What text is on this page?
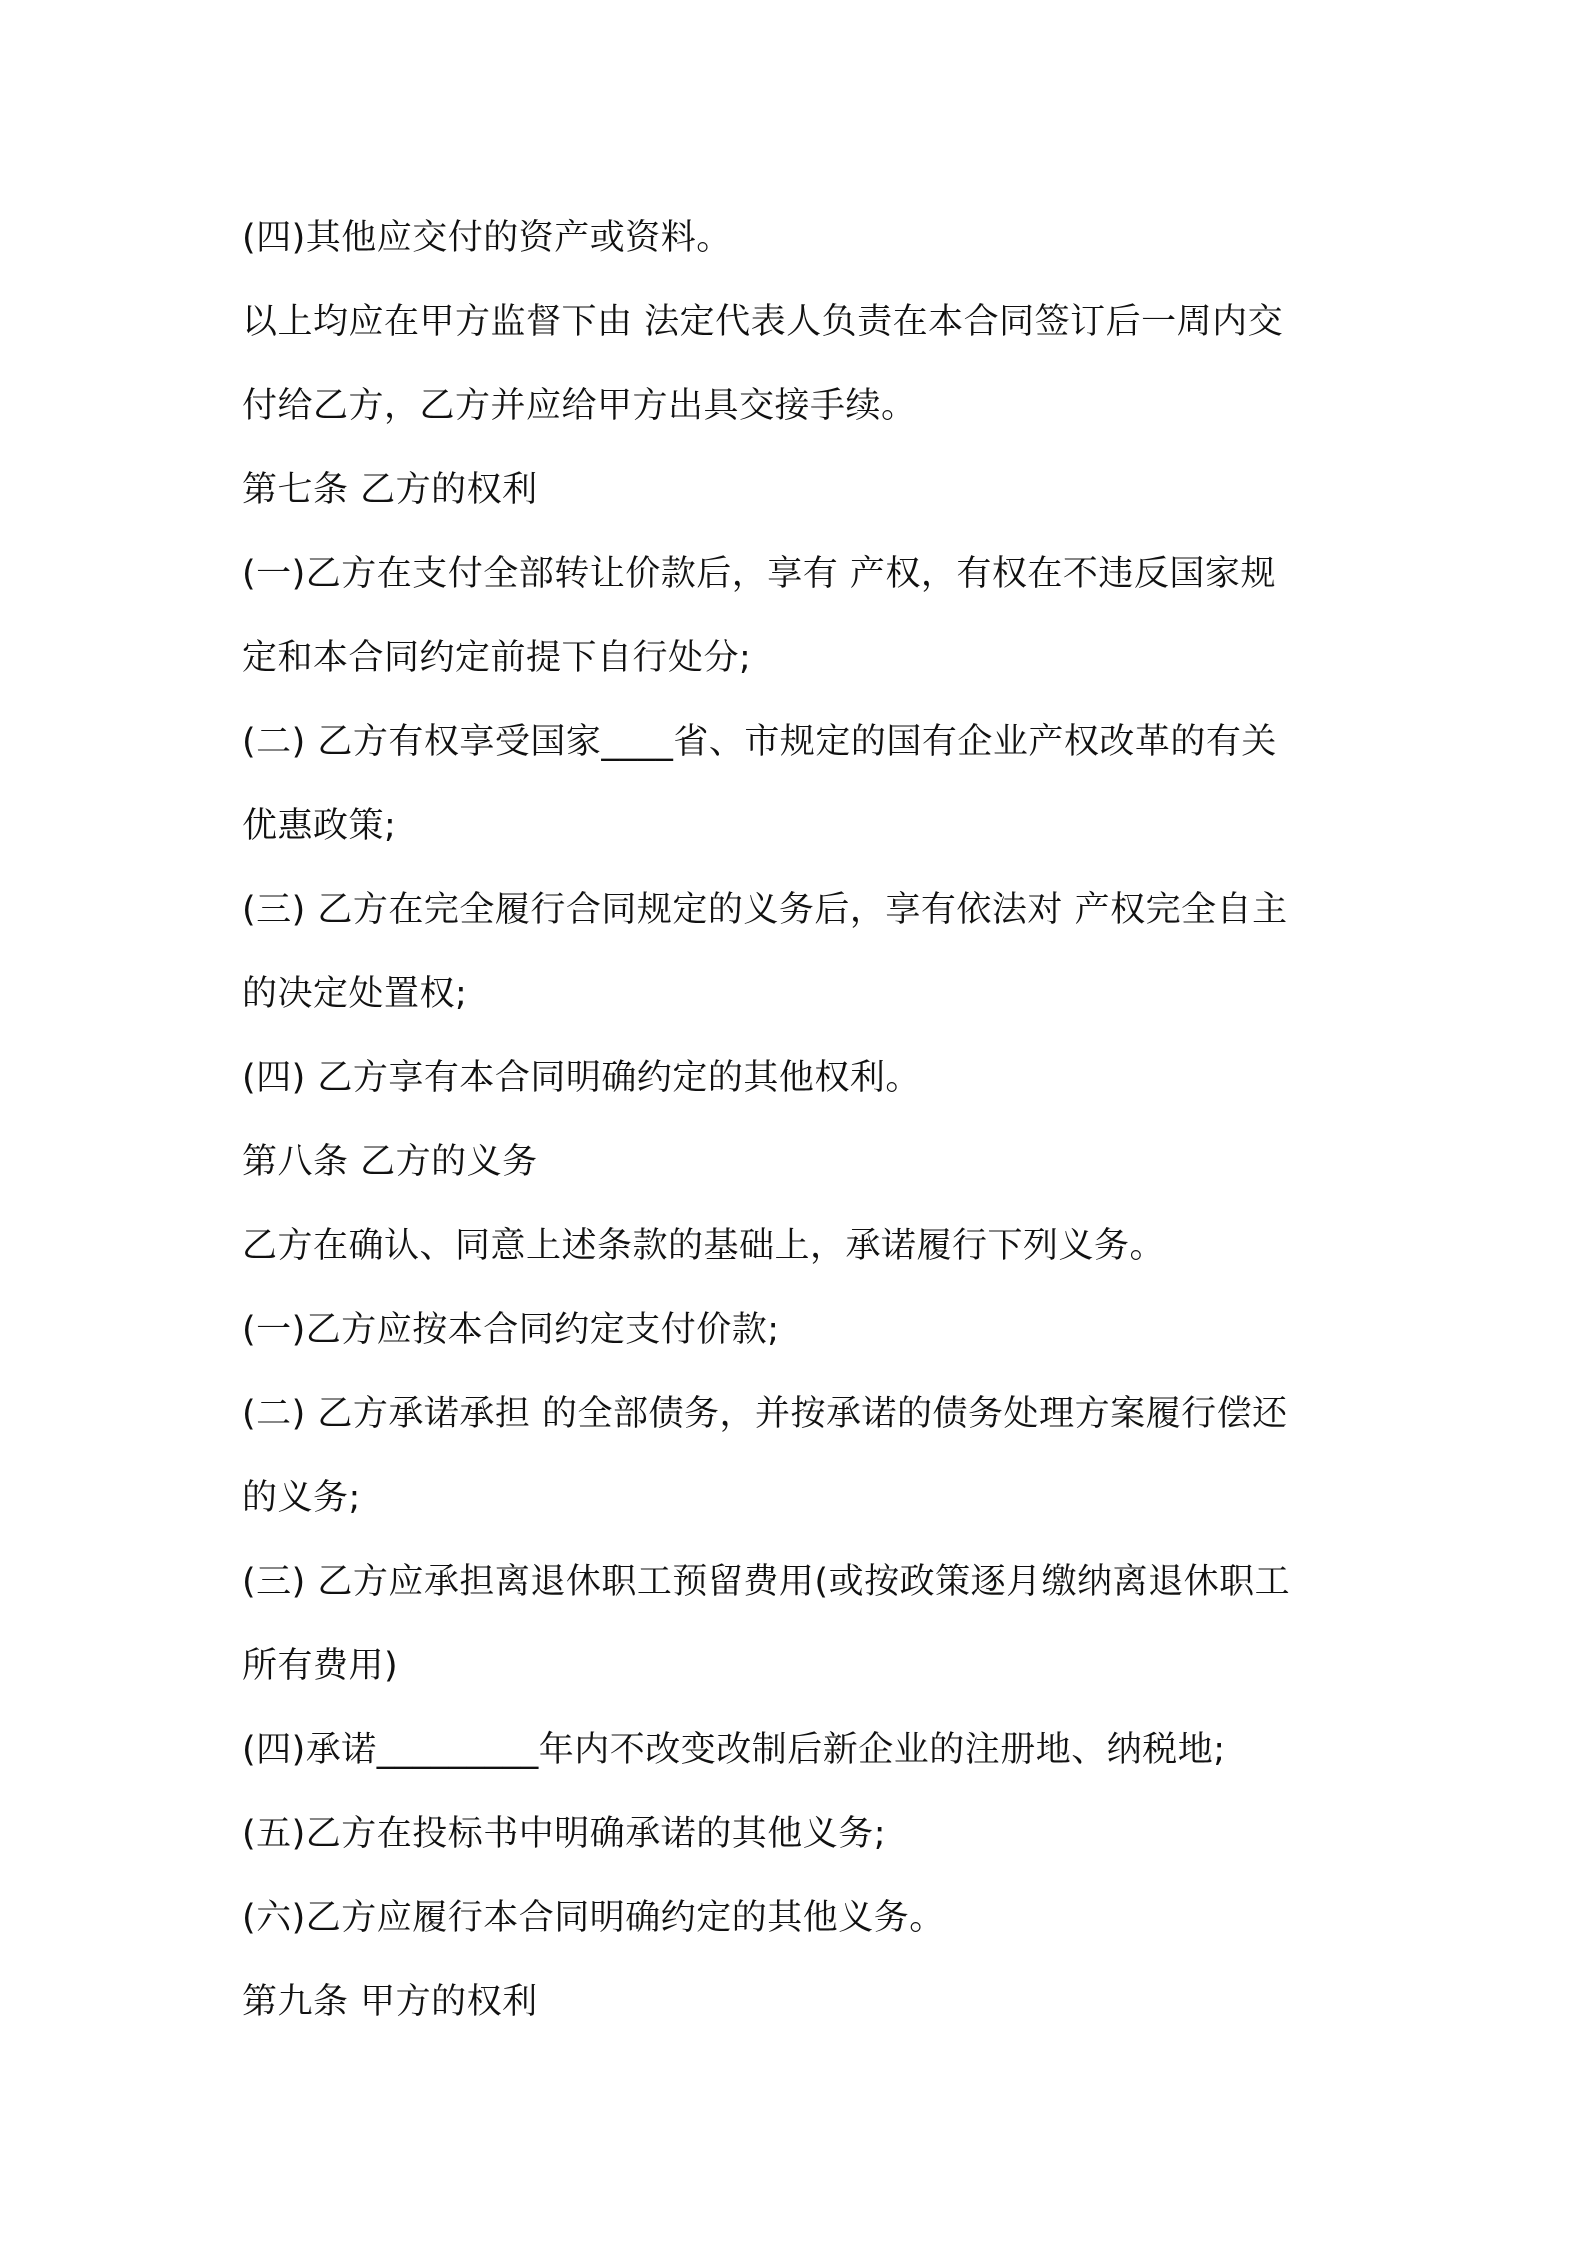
(四)其他应交付的资产或资料。
以上均应在甲方监督下由 法定代表人负责在本合同签订后一周内交
付给乙方，乙方并应给甲方出具交接手续。
第七条 乙方的权利
(一)乙方在支付全部转让价款后，享有 产权，有权在不违反国家规
定和本合同约定前提下自行处分;
(二) 乙方有权享受国家____省、市规定的国有企业产权改革的有关
优惠政策;
(三) 乙方在完全履行合同规定的义务后，享有依法对 产权完全自主
的决定处置权;
(四) 乙方享有本合同明确约定的其他权利。
第八条 乙方的义务
乙方在确认、同意上述条款的基础上，承诺履行下列义务。
(一)乙方应按本合同约定支付价款;
(二) 乙方承诺承担 的全部债务，并按承诺的债务处理方案履行偿还
的义务;
(三) 乙方应承担离退休职工预留费用(或按政策逐月缴纳离退休职工
所有费用)
(四)承诺_________年内不改变改制后新企业的注册地、纳税地;
(五)乙方在投标书中明确承诺的其他义务;
(六)乙方应履行本合同明确约定的其他义务。
第九条 甲方的权利
